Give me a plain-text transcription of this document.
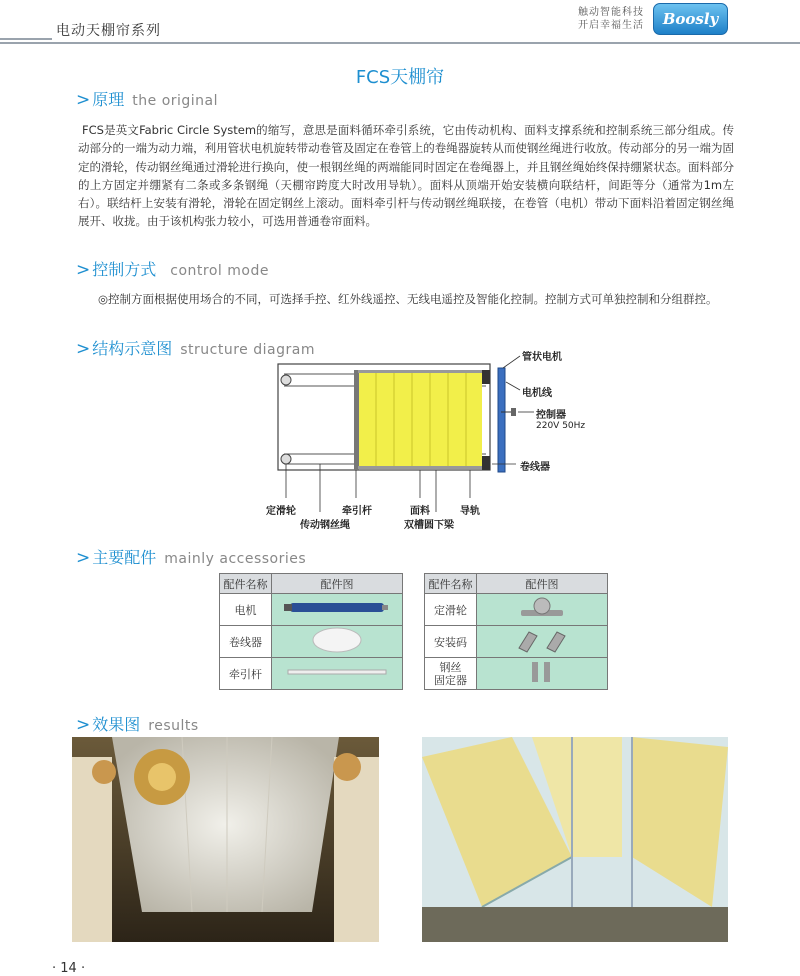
电动天棚帘系列
触动智能科技
开启幸福生活	Boosly
FCS天棚帘
> 原理 the original
FCS是英文Fabric Circle System的缩写，意思是面料循环牵引系统，它由传动机构、面料支撑系统和控制系统三部分组成。传动部分的一端为动力端，利用管状电机旋转带动卷管及固定在卷管上的卷绳器旋转从而使钢丝绳进行收放。传动部分的另一端为固定的滑轮，传动钢丝绳通过滑轮进行换向，使一根钢丝绳的两端能同时固定在卷绳器上，并且钢丝绳始终保持绷紧状态。面料部分的上方固定并绷紧有二条或多条钢绳（天棚帘跨度大时改用导轨）。面料从顶端开始安装横向联结杆，间距等分（通常为1m左右）。联结杆上安装有滑轮，滑轮在固定钢丝上滚动。面料牵引杆与传动钢丝绳联接，在卷管（电机）带动下面料沿着固定钢丝绳展开、收拢。由于该机构张力较小，可选用普通卷帘面料。
> 控制方式 control mode
◎控制方面根据使用场合的不同，可选择手控、红外线遥控、无线电遥控及智能化控制。控制方式可单独控制和分组群控。
> 结构示意图 structure diagram	管状电机
电机线
控制器
220V 50Hz
卷线器
定滑轮
传动钢丝绳
牵引杆	面料
双槽圆下梁
导轨
> 主要配件 mainly accessories
配件名称	配件图
电机	
卷线器	
牵引杆	
配件名称	配件图
定滑轮	
安装码	
钢丝
固定器	
> 效果图 results
· 14 ·
